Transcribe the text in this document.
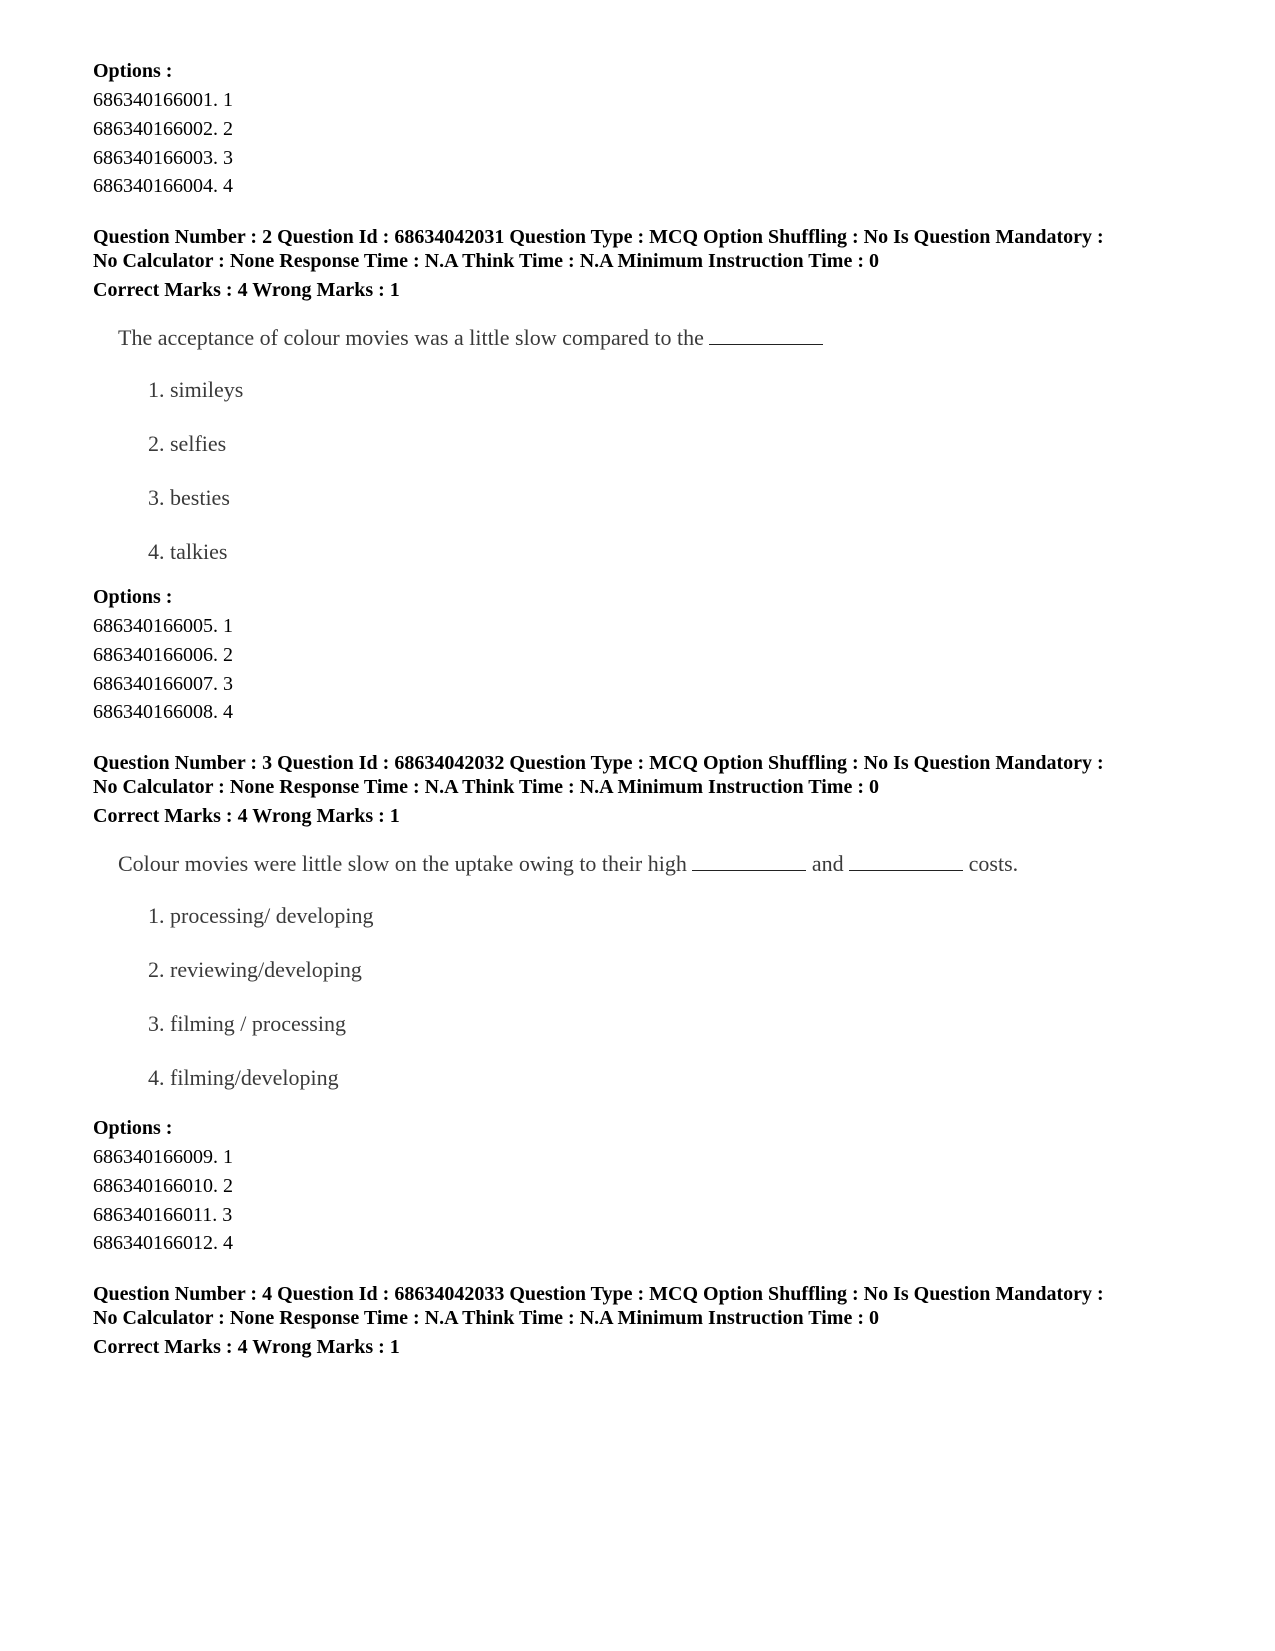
Options :
686340166001. 1
686340166002. 2
686340166003. 3
686340166004. 4
Question Number : 2 Question Id : 68634042031 Question Type : MCQ Option Shuffling : No Is Question Mandatory :
No Calculator : None Response Time : N.A Think Time : N.A Minimum Instruction Time : 0
Correct Marks : 4 Wrong Marks : 1
The acceptance of colour movies was a little slow compared to the
1. simileys
2. selfies
3. besties
4. talkies
Options :
686340166005. 1
686340166006. 2
686340166007. 3
686340166008. 4
Question Number : 3 Question Id : 68634042032 Question Type : MCQ Option Shuffling : No Is Question Mandatory :
No Calculator : None Response Time : N.A Think Time : N.A Minimum Instruction Time : 0
Correct Marks : 4 Wrong Marks : 1
Colour movies were little slow on the uptake owing to their high	and	costs.
1. processing/ developing
2. reviewing/developing
3. filming / processing
4. filming/developing
Options :
686340166009. 1
686340166010. 2
686340166011. 3
686340166012. 4
Question Number : 4 Question Id : 68634042033 Question Type : MCQ Option Shuffling : No Is Question Mandatory :
No Calculator : None Response Time : N.A Think Time : N.A Minimum Instruction Time : 0
Correct Marks : 4 Wrong Marks : 1
